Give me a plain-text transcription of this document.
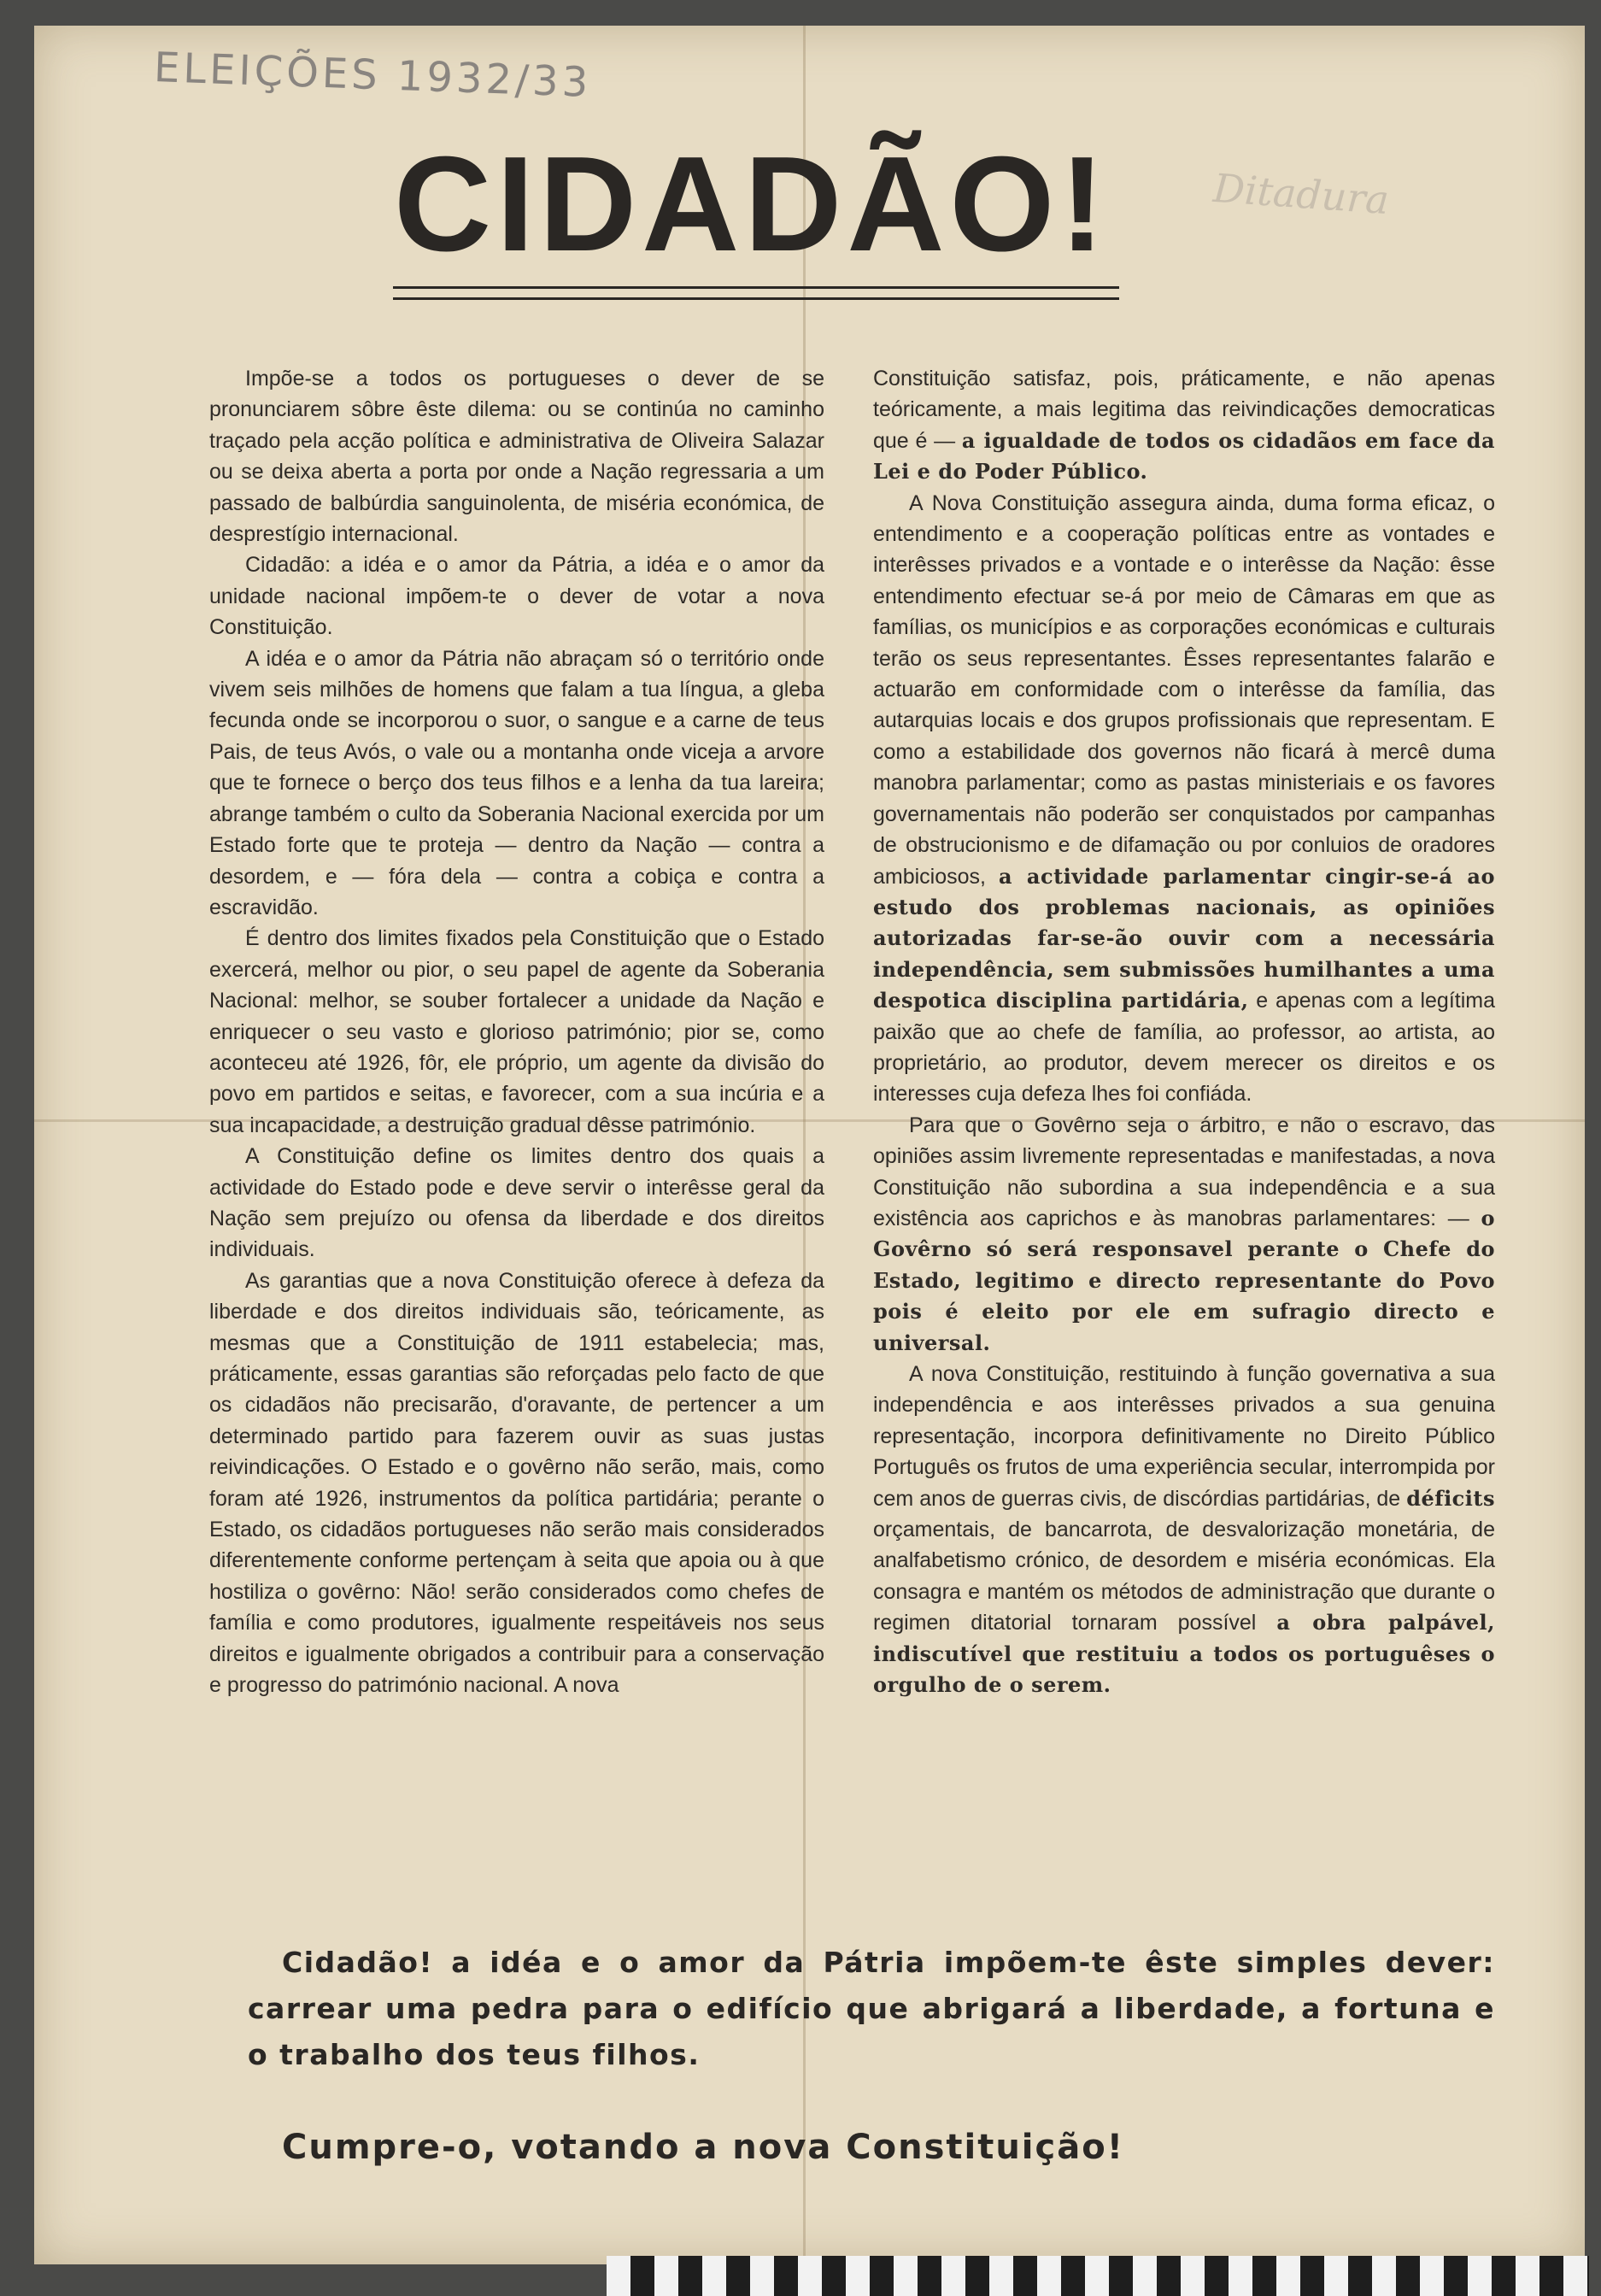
ELEIÇÕES 1932/33
Ditadura
CIDADÃO!

Impõe-se a todos os portugueses o dever de se pronunciarem sôbre êste dilema: ou se continúa no caminho traçado pela acção política e administrativa de Oliveira Salazar ou se deixa aberta a porta por onde a Nação regressaria a um passado de balbúrdia sanguinolenta, de miséria económica, de desprestígio internacional.

Cidadão: a idéa e o amor da Pátria, a idéa e o amor da unidade nacional impõem-te o dever de votar a nova Constituição.

A idéa e o amor da Pátria não abraçam só o território onde vivem seis milhões de homens que falam a tua língua, a gleba fecunda onde se incorporou o suor, o sangue e a carne de teus Pais, de teus Avós, o vale ou a montanha onde viceja a arvore que te fornece o berço dos teus filhos e a lenha da tua lareira; abrange também o culto da Soberania Nacional exercida por um Estado forte que te proteja — dentro da Nação — contra a desordem, e — fóra dela — contra a cobiça e contra a escravidão.

É dentro dos limites fixados pela Constituição que o Estado exercerá, melhor ou pior, o seu papel de agente da Soberania Nacional: melhor, se souber fortalecer a unidade da Nação e enriquecer o seu vasto e glorioso património; pior se, como aconteceu até 1926, fôr, ele próprio, um agente da divisão do povo em partidos e seitas, e favorecer, com a sua incúria e a sua incapacidade, a destruição gradual dêsse património.

A Constituição define os limites dentro dos quais a actividade do Estado pode e deve servir o interêsse geral da Nação sem prejuízo ou ofensa da liberdade e dos direitos individuais.

As garantias que a nova Constituição oferece à defeza da liberdade e dos direitos individuais são, teóricamente, as mesmas que a Constituição de 1911 estabelecia; mas, práticamente, essas garantias são reforçadas pelo facto de que os cidadãos não precisarão, d'oravante, de pertencer a um determinado partido para fazerem ouvir as suas justas reivindicações. O Estado e o govêrno não serão, mais, como foram até 1926, instrumentos da política partidária; perante o Estado, os cidadãos portugueses não serão mais considerados diferentemente conforme pertençam à seita que apoia ou à que hostiliza o govêrno: Não! serão considerados como chefes de família e como produtores, igualmente respeitáveis nos seus direitos e igualmente obrigados a contribuir para a conservação e progresso do património nacional. A nova

Constituição satisfaz, pois, práticamente, e não apenas teóricamente, a mais legitima das reivindicações democraticas que é — a igualdade de todos os cidadãos em face da Lei e do Poder Público.

A Nova Constituição assegura ainda, duma forma eficaz, o entendimento e a cooperação políticas entre as vontades e interêsses privados e a vontade e o interêsse da Nação: êsse entendimento efectuar se-á por meio de Câmaras em que as famílias, os municípios e as corporações económicas e culturais terão os seus representantes. Êsses representantes falarão e actuarão em conformidade com o interêsse da família, das autarquias locais e dos grupos profissionais que representam. E como a estabilidade dos governos não ficará à mercê duma manobra parlamentar; como as pastas ministeriais e os favores governamentais não poderão ser conquistados por campanhas de obstrucionismo e de difamação ou por conluios de oradores ambiciosos, a actividade parlamentar cingir-se-á ao estudo dos problemas nacionais, as opiniões autorizadas far-se-ão ouvir com a necessária independência, sem submissões humilhantes a uma despotica disciplina partidária, e apenas com a legítima paixão que ao chefe de família, ao professor, ao artista, ao proprietário, ao produtor, devem merecer os direitos e os interesses cuja defeza lhes foi confiáda.

Para que o Govêrno seja o árbitro, e não o escravo, das opiniões assim livremente representadas e manifestadas, a nova Constituição não subordina a sua independência e a sua existência aos caprichos e às manobras parlamentares: — o Govêrno só será responsavel perante o Chefe do Estado, legitimo e directo representante do Povo pois é eleito por ele em sufragio directo e universal.

A nova Constituição, restituindo à função governativa a sua independência e aos interêsses privados a sua genuina representação, incorpora definitivamente no Direito Público Português os frutos de uma experiência secular, interrompida por cem anos de guerras civis, de discórdias partidárias, de déficits orçamentais, de bancarrota, de desvalorização monetária, de analfabetismo crónico, de desordem e miséria económicas. Ela consagra e mantém os métodos de administração que durante o regimen ditatorial tornaram possível a obra palpável, indiscutível que restituiu a todos os portuguêses o orgulho de o serem.

Cidadão! a idéa e o amor da Pátria impõem-te êste simples dever: carrear uma pedra para o edifício que abrigará a liberdade, a fortuna e o trabalho dos teus filhos.
Cumpre-o, votando a nova Constituição!
